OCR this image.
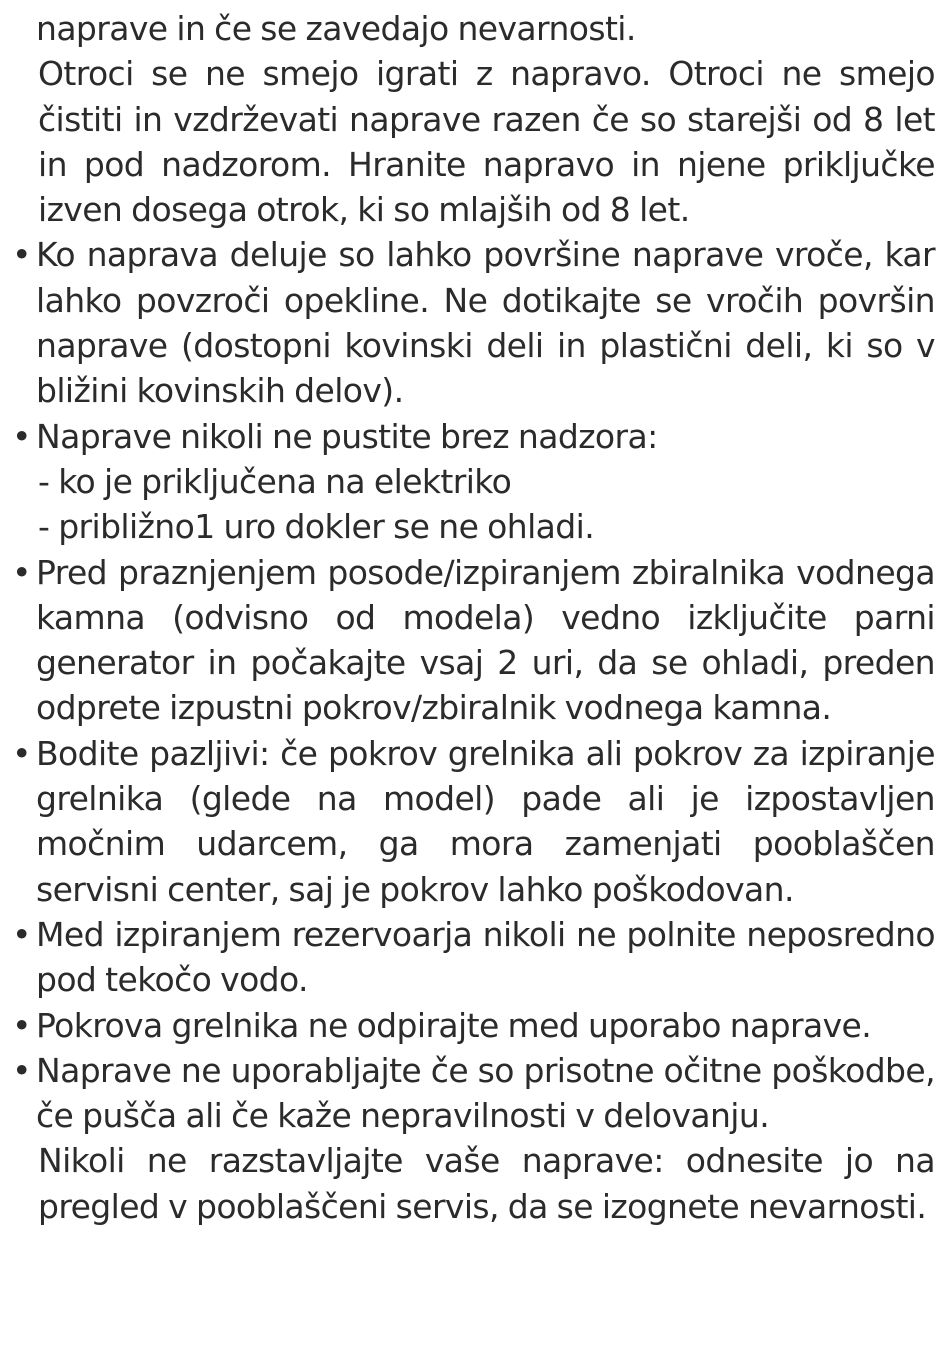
naprave in če se zavedajo nevarnosti.

Otroci se ne smejo igrati z napravo. Otroci ne smejo čistiti in vzdrževati naprave razen če so starejši od 8 let in pod nadzorom. Hranite napravo in njene priključke izven dosega otrok, ki so mlajših od 8 let.

• Ko naprava deluje so lahko površine naprave vroče, kar lahko povzroči opekline. Ne dotikajte se vročih površin naprave (dostopni kovinski deli in plastični deli, ki so v bližini kovinskih delov).
• Naprave nikoli ne pustite brez nadzora:

- ko je priključena na elektriko

- približno1 uro dokler se ne ohladi.

• Pred praznjenjem posode/izpiranjem zbiralnika vodnega kamna (odvisno od modela) vedno izključite parni generator in počakajte vsaj 2 uri, da se ohladi, preden odprete izpustni pokrov/zbiralnik vodnega kamna.
• Bodite pazljivi: če pokrov grelnika ali pokrov za izpiranje grelnika (glede na model) pade ali je izpostavljen močnim udarcem, ga mora zamenjati pooblaščen servisni center, saj je pokrov lahko poškodovan.
• Med izpiranjem rezervoarja nikoli ne polnite neposredno pod tekočo vodo.
• Pokrova grelnika ne odpirajte med uporabo naprave.
• Naprave ne uporabljajte če so prisotne očitne poškodbe, če pušča ali če kaže nepravilnosti v delovanju.

Nikoli ne razstavljajte vaše naprave: odnesite jo na pregled v pooblaščeni servis, da se izognete nevarnosti.
